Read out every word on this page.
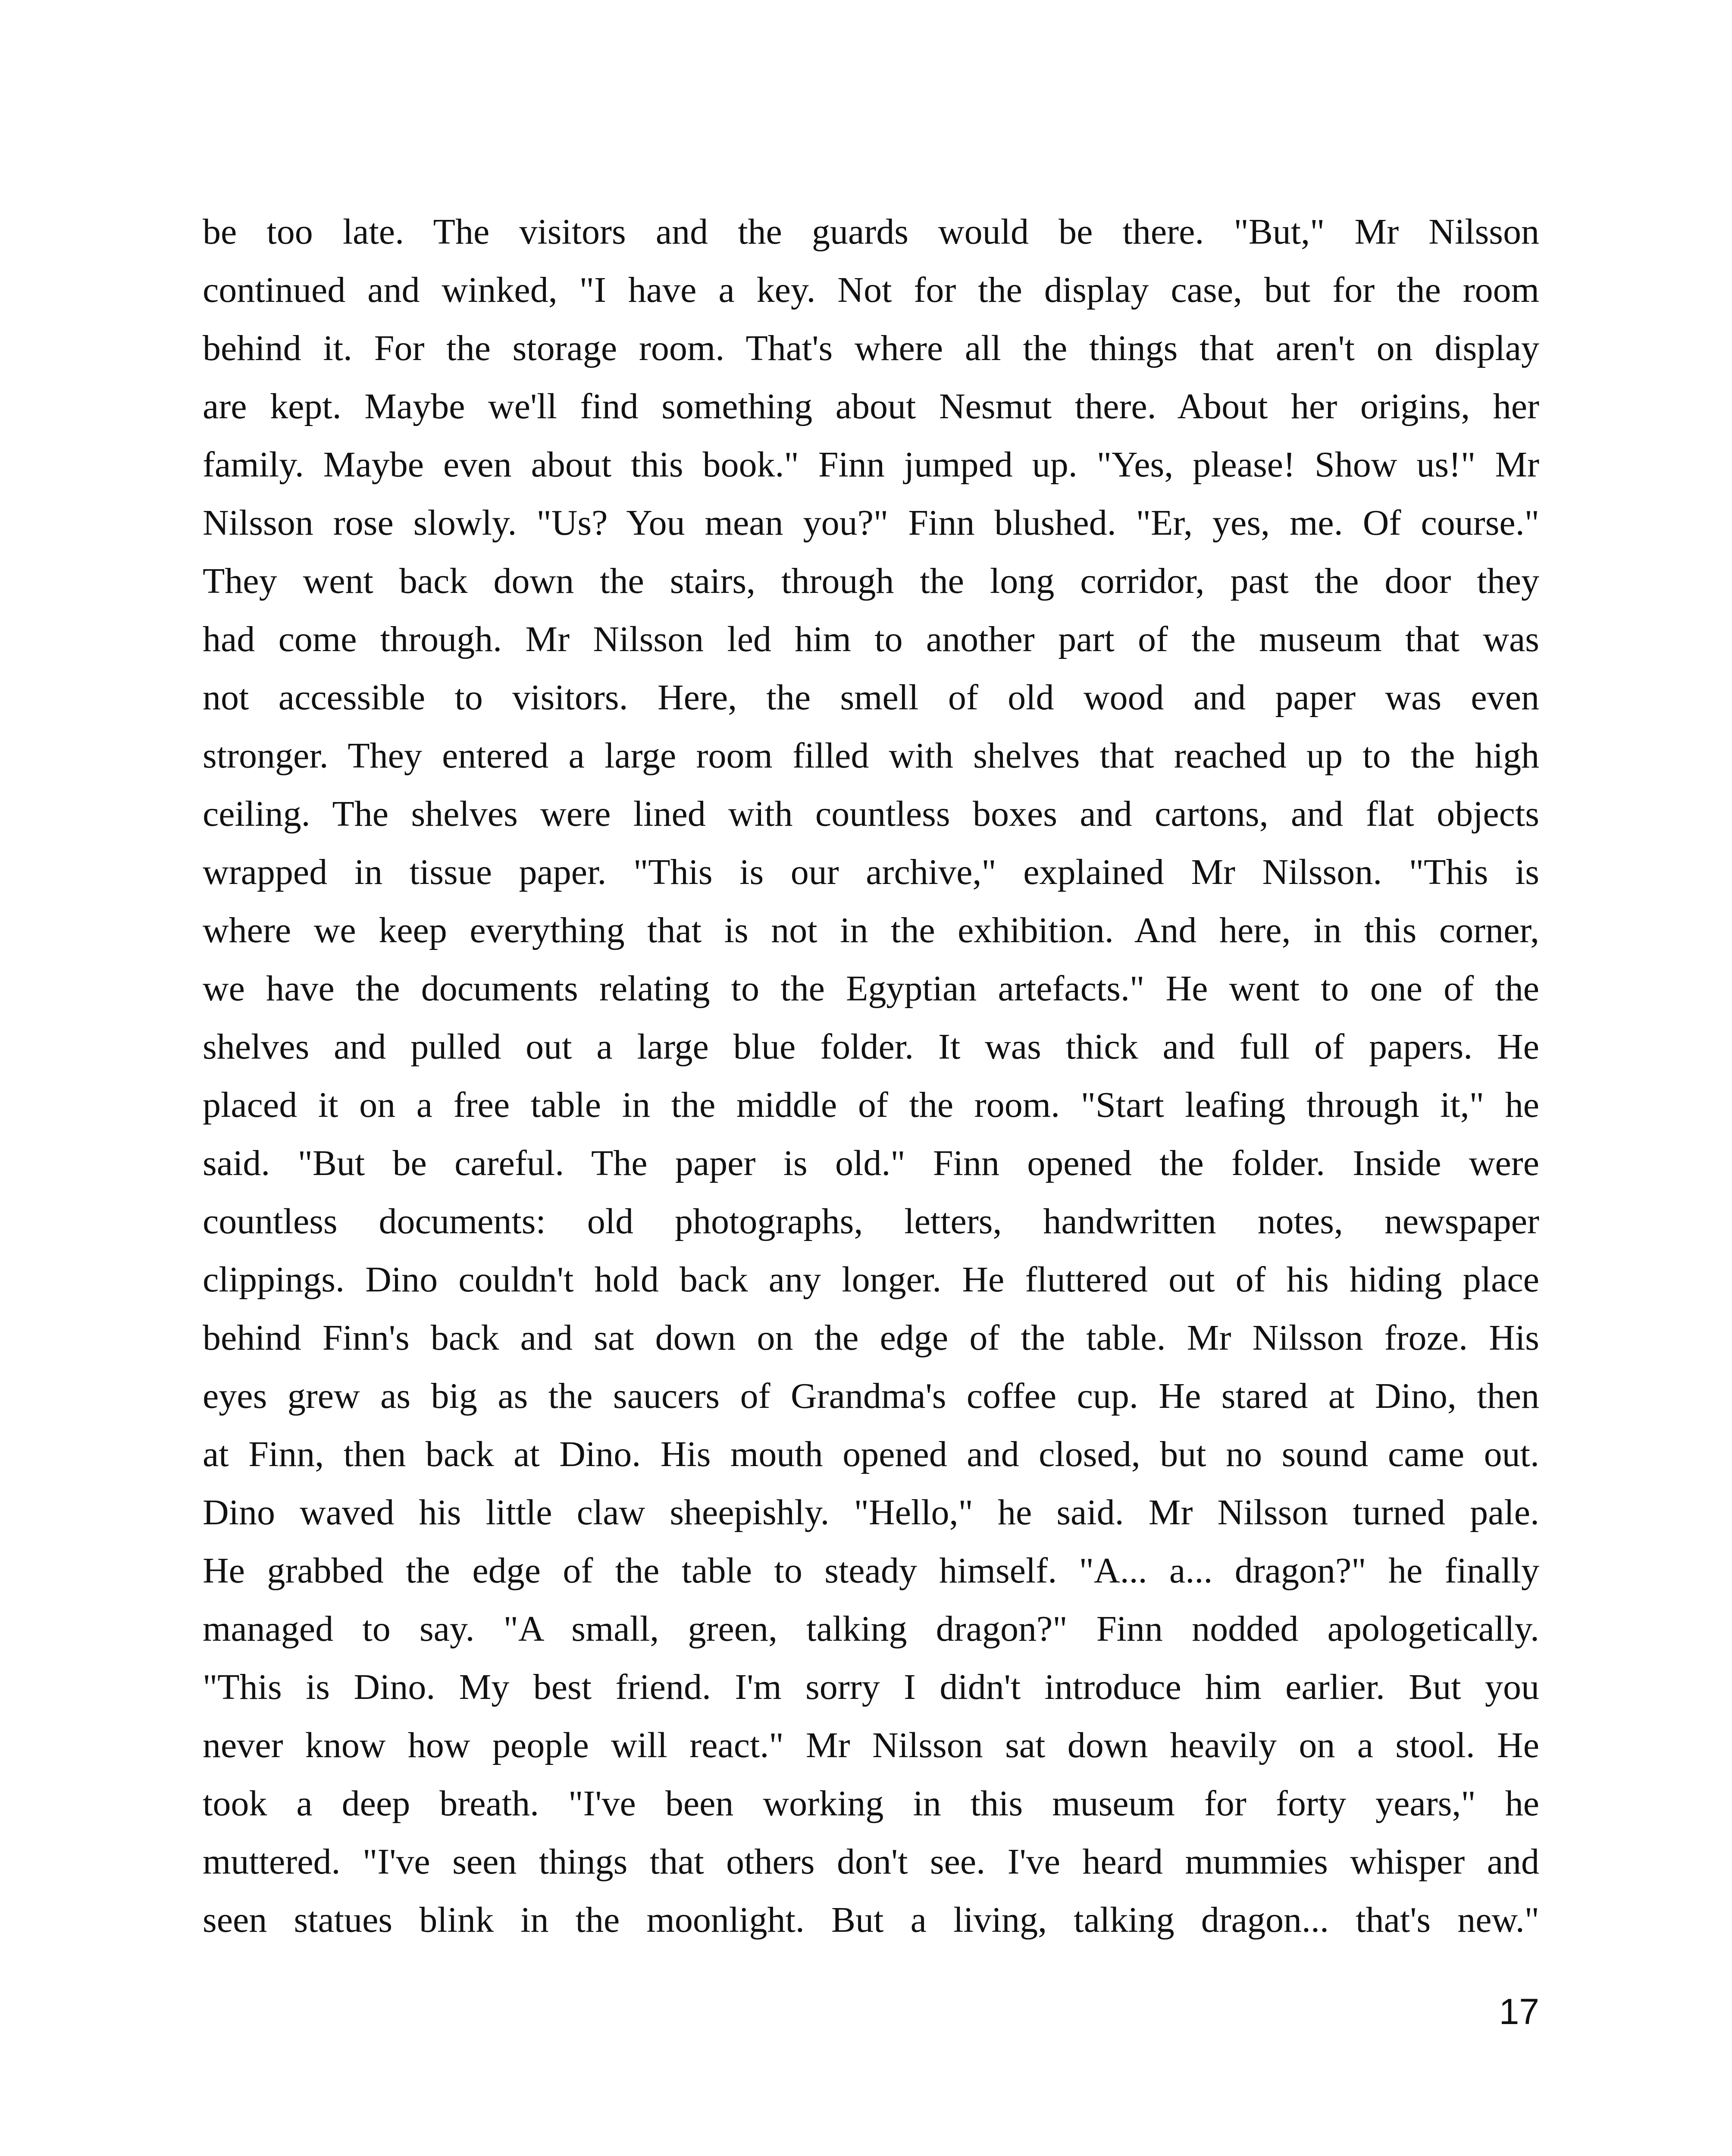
be too late. The visitors and the guards would be there. "But," Mr Nilsson
continued and winked, "I have a key. Not for the display case, but for the room
behind it. For the storage room. That's where all the things that aren't on display
are kept. Maybe we'll find something about Nesmut there. About her origins, her
family. Maybe even about this book." Finn jumped up. "Yes, please! Show us!" Mr
Nilsson rose slowly. "Us? You mean you?" Finn blushed. "Er, yes, me. Of course."
They went back down the stairs, through the long corridor, past the door they
had come through. Mr Nilsson led him to another part of the museum that was
not accessible to visitors. Here, the smell of old wood and paper was even
stronger. They entered a large room filled with shelves that reached up to the high
ceiling. The shelves were lined with countless boxes and cartons, and flat objects
wrapped in tissue paper. "This is our archive," explained Mr Nilsson. "This is
where we keep everything that is not in the exhibition. And here, in this corner,
we have the documents relating to the Egyptian artefacts." He went to one of the
shelves and pulled out a large blue folder. It was thick and full of papers. He
placed it on a free table in the middle of the room. "Start leafing through it," he
said. "But be careful. The paper is old." Finn opened the folder. Inside were
countless documents: old photographs, letters, handwritten notes, newspaper
clippings. Dino couldn't hold back any longer. He fluttered out of his hiding place
behind Finn's back and sat down on the edge of the table. Mr Nilsson froze. His
eyes grew as big as the saucers of Grandma's coffee cup. He stared at Dino, then
at Finn, then back at Dino. His mouth opened and closed, but no sound came out.
Dino waved his little claw sheepishly. "Hello," he said. Mr Nilsson turned pale.
He grabbed the edge of the table to steady himself. "A... a... dragon?" he finally
managed to say. "A small, green, talking dragon?" Finn nodded apologetically.
"This is Dino. My best friend. I'm sorry I didn't introduce him earlier. But you
never know how people will react." Mr Nilsson sat down heavily on a stool. He
took a deep breath. "I've been working in this museum for forty years," he
muttered. "I've seen things that others don't see. I've heard mummies whisper and
seen statues blink in the moonlight. But a living, talking dragon... that's new."
17
